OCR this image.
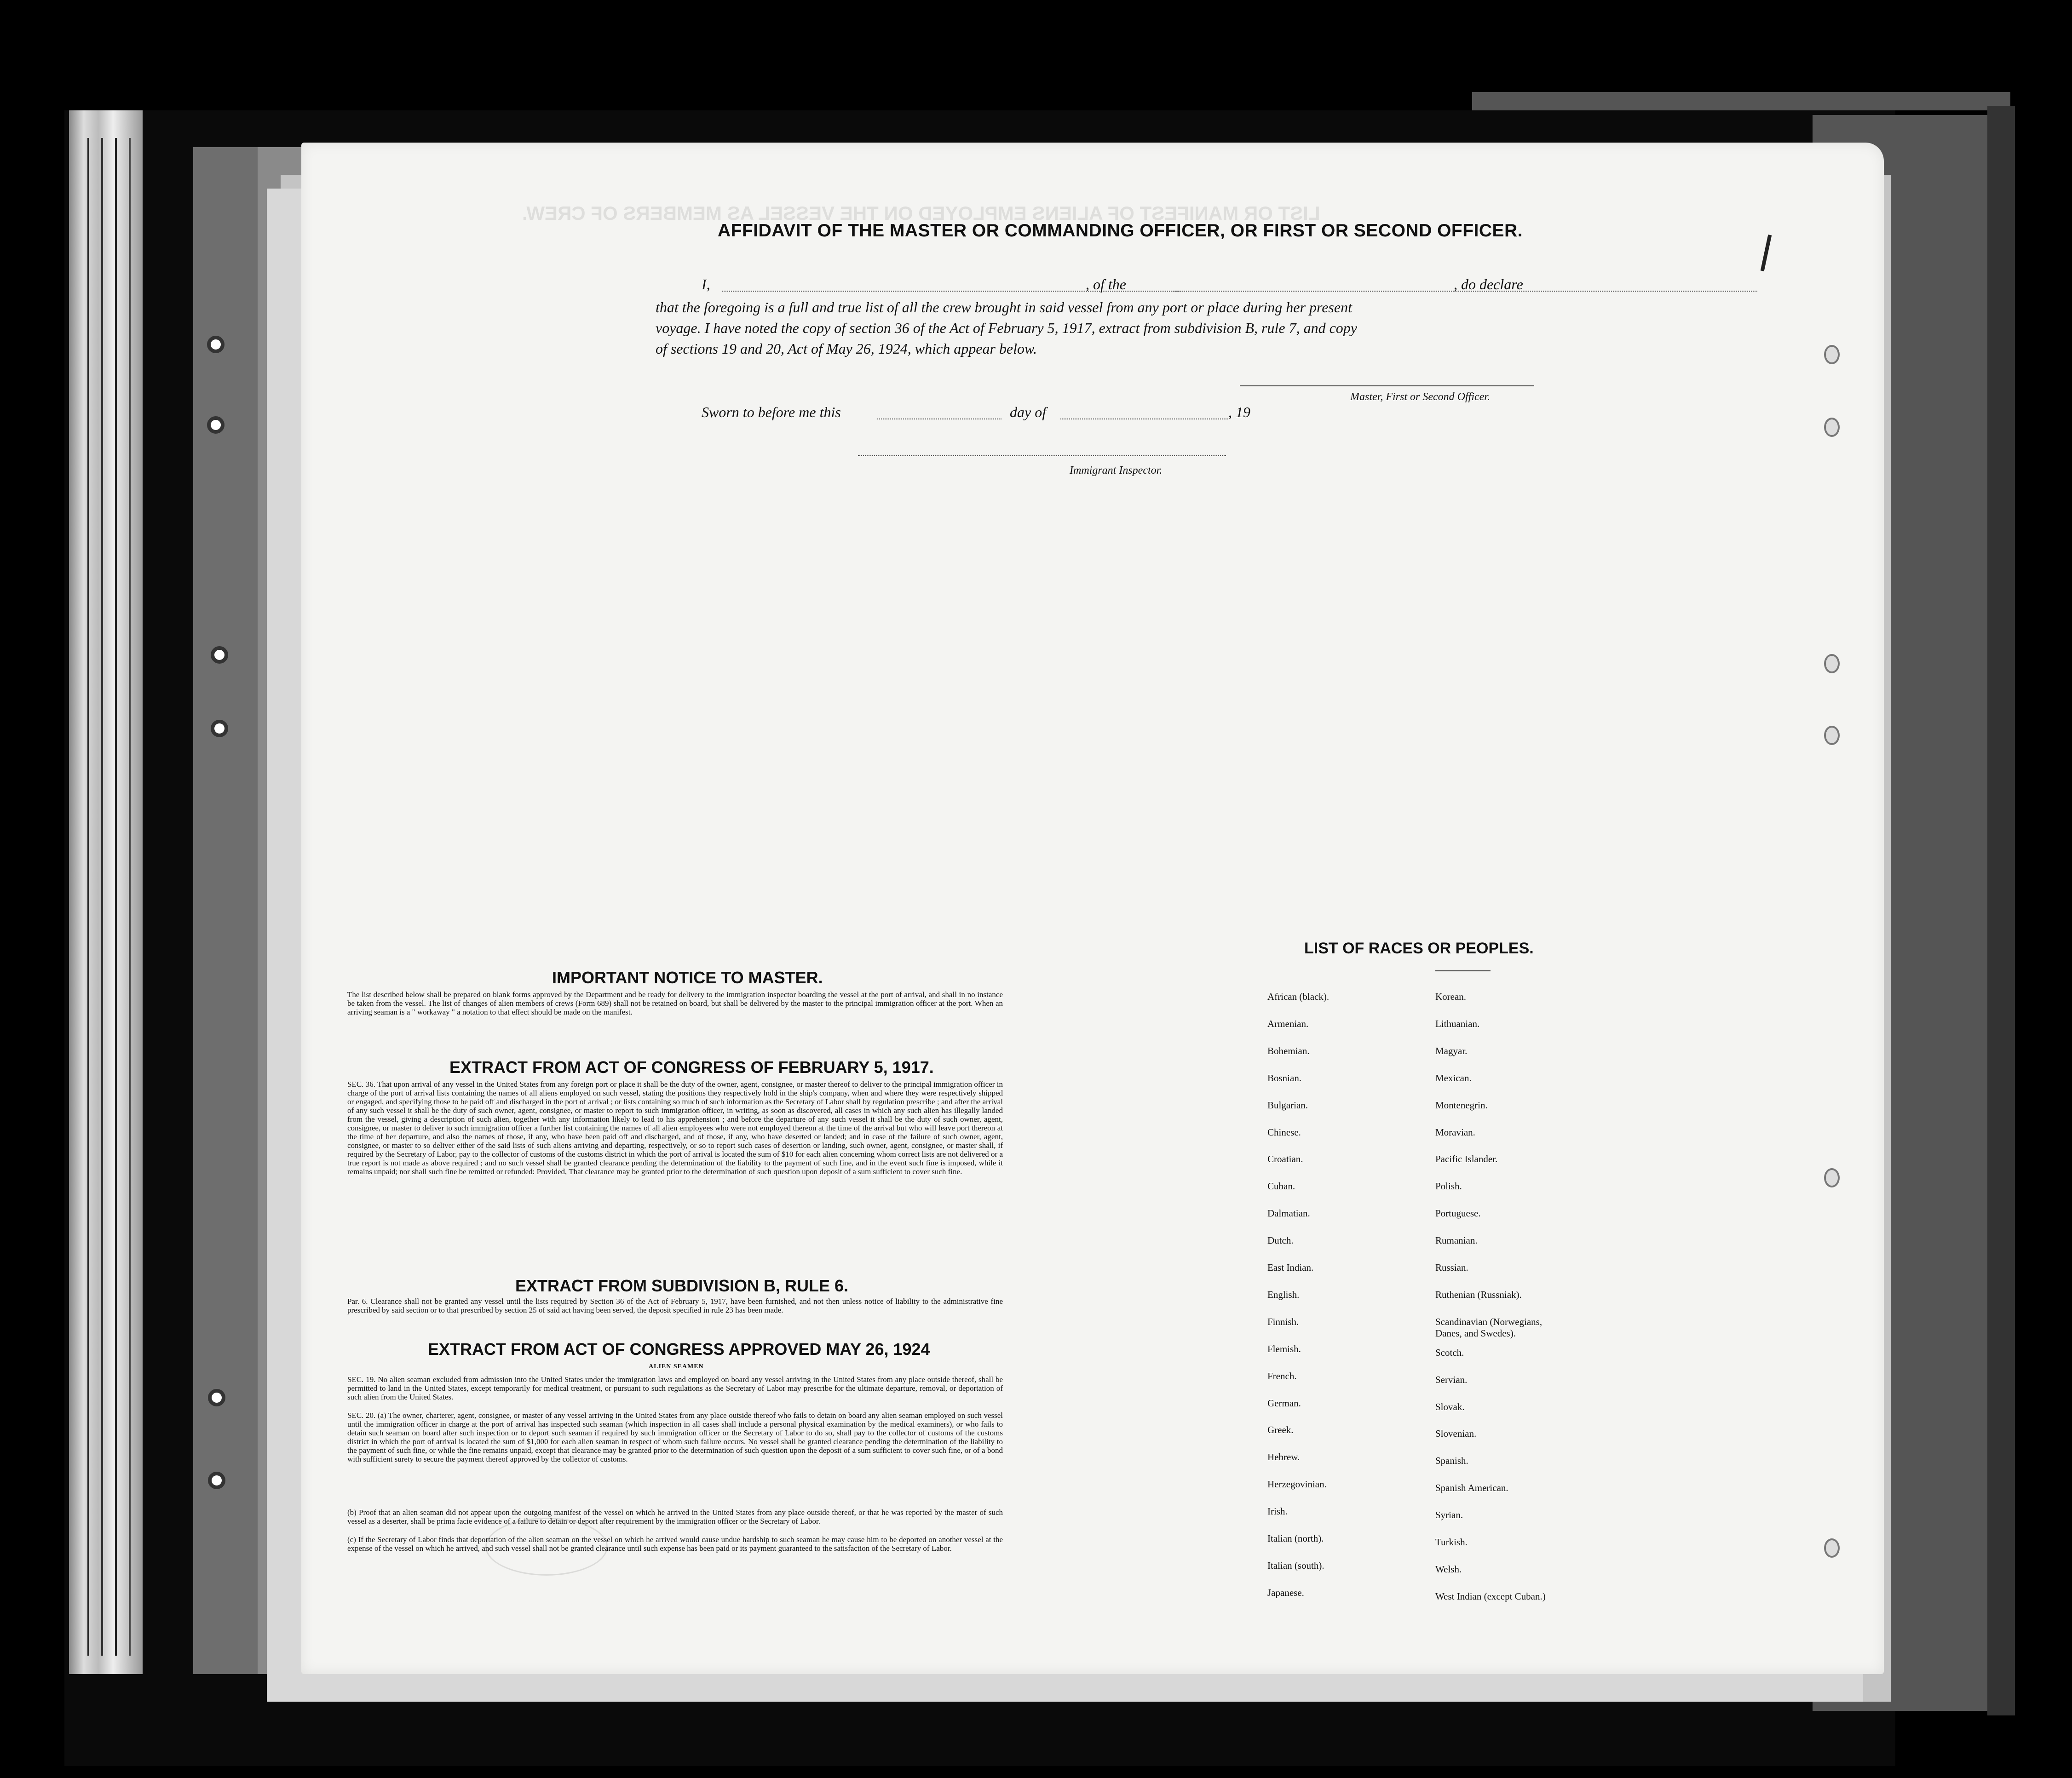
LIST OR MANIFEST OF ALIENS EMPLOYED ON THE VESSEL AS MEMBERS OF CREW.
AFFIDAVIT OF THE MASTER OR COMMANDING OFFICER, OR FIRST OR SECOND OFFICER.
I,	, of the	, do declare
that the foregoing is a full and true list of all the crew brought in said vessel from any port or place during her present
voyage. I have noted the copy of section 36 of the Act of February 5, 1917, extract from subdivision B, rule 7, and copy
of sections 19 and 20, Act of May 26, 1924, which appear below.
Master, First or Second Officer.
Sworn to before me this	day of	, 19
Immigrant Inspector.
IMPORTANT NOTICE TO MASTER.
The list described below shall be prepared on blank forms approved by the Department and be ready for delivery to the immigration inspector boarding the vessel at the port of arrival, and shall in no instance be taken from the vessel. The list of changes of alien members of crews (Form 689) shall not be retained on board, but shall be delivered by the master to the principal immigration officer at the port. When an arriving seaman is a " workaway " a notation to that effect should be made on the manifest.
EXTRACT FROM ACT OF CONGRESS OF FEBRUARY 5, 1917.
SEC. 36. That upon arrival of any vessel in the United States from any foreign port or place it shall be the duty of the owner, agent, consignee, or master thereof to deliver to the principal immigration officer in charge of the port of arrival lists containing the names of all aliens employed on such vessel, stating the positions they respectively hold in the ship's company, when and where they were respectively shipped or engaged, and specifying those to be paid off and discharged in the port of arrival ; or lists containing so much of such information as the Secretary of Labor shall by regulation prescribe ; and after the arrival of any such vessel it shall be the duty of such owner, agent, consignee, or master to report to such immigration officer, in writing, as soon as discovered, all cases in which any such alien has illegally landed from the vessel, giving a description of such alien, together with any information likely to lead to his apprehension ; and before the departure of any such vessel it shall be the duty of such owner, agent, consignee, or master to deliver to such immigration officer a further list containing the names of all alien employees who were not employed thereon at the time of the arrival but who will leave port thereon at the time of her departure, and also the names of those, if any, who have been paid off and discharged, and of those, if any, who have deserted or landed; and in case of the failure of such owner, agent, consignee, or master to so deliver either of the said lists of such aliens arriving and departing, respectively, or so to report such cases of desertion or landing, such owner, agent, consignee, or master shall, if required by the Secretary of Labor, pay to the collector of customs of the customs district in which the port of arrival is located the sum of $10 for each alien concerning whom correct lists are not delivered or a true report is not made as above required ; and no such vessel shall be granted clearance pending the determination of the liability to the payment of such fine, and in the event such fine is imposed, while it remains unpaid; nor shall such fine be remitted or refunded: Provided, That clearance may be granted prior to the determination of such question upon deposit of a sum sufficient to cover such fine.
EXTRACT FROM SUBDIVISION B, RULE 6.
Par. 6. Clearance shall not be granted any vessel until the lists required by Section 36 of the Act of February 5, 1917, have been furnished, and not then unless notice of liability to the administrative fine prescribed by said section or to that prescribed by section 25 of said act having been served, the deposit specified in rule 23 has been made.
EXTRACT FROM ACT OF CONGRESS APPROVED MAY 26, 1924
ALIEN SEAMEN
SEC. 19. No alien seaman excluded from admission into the United States under the immigration laws and employed on board any vessel arriving in the United States from any place outside thereof, shall be permitted to land in the United States, except temporarily for medical treatment, or pursuant to such regulations as the Secretary of Labor may prescribe for the ultimate departure, removal, or deportation of such alien from the United States.
SEC. 20. (a) The owner, charterer, agent, consignee, or master of any vessel arriving in the United States from any place outside thereof who fails to detain on board any alien seaman employed on such vessel until the immigration officer in charge at the port of arrival has inspected such seaman (which inspection in all cases shall include a personal physical examination by the medical examiners), or who fails to detain such seaman on board after such inspection or to deport such seaman if required by such immigration officer or the Secretary of Labor to do so, shall pay to the collector of customs of the customs district in which the port of arrival is located the sum of $1,000 for each alien seaman in respect of whom such failure occurs. No vessel shall be granted clearance pending the determination of the liability to the payment of such fine, or while the fine remains unpaid, except that clearance may be granted prior to the determination of such question upon the deposit of a sum sufficient to cover such fine, or of a bond with sufficient surety to secure the payment thereof approved by the collector of customs.
(b) Proof that an alien seaman did not appear upon the outgoing manifest of the vessel on which he arrived in the United States from any place outside thereof, or that he was reported by the master of such vessel as a deserter, shall be prima facie evidence of a failure to detain or deport after requirement by the immigration officer or the Secretary of Labor.
(c) If the Secretary of Labor finds that deportation of the alien seaman on the vessel on which he arrived would cause undue hardship to such seaman he may cause him to be deported on another vessel at the expense of the vessel on which he arrived, and such vessel shall not be granted clearance until such expense has been paid or its payment guaranteed to the satisfaction of the Secretary of Labor.
LIST OF RACES OR PEOPLES.
African (black).
Armenian.
Bohemian.
Bosnian.
Bulgarian.
Chinese.
Croatian.
Cuban.
Dalmatian.
Dutch.
East Indian.
English.
Finnish.
Flemish.
French.
German.
Greek.
Hebrew.
Herzegovinian.
Irish.
Italian (north).
Italian (south).
Japanese.
Korean.
Lithuanian.
Magyar.
Mexican.
Montenegrin.
Moravian.
Pacific Islander.
Polish.
Portuguese.
Rumanian.
Russian.
Ruthenian (Russniak).
Scandinavian (Norwegians,
Danes, and Swedes).
Scotch.
Servian.
Slovak.
Slovenian.
Spanish.
Spanish American.
Syrian.
Turkish.
Welsh.
West Indian (except Cuban.)
